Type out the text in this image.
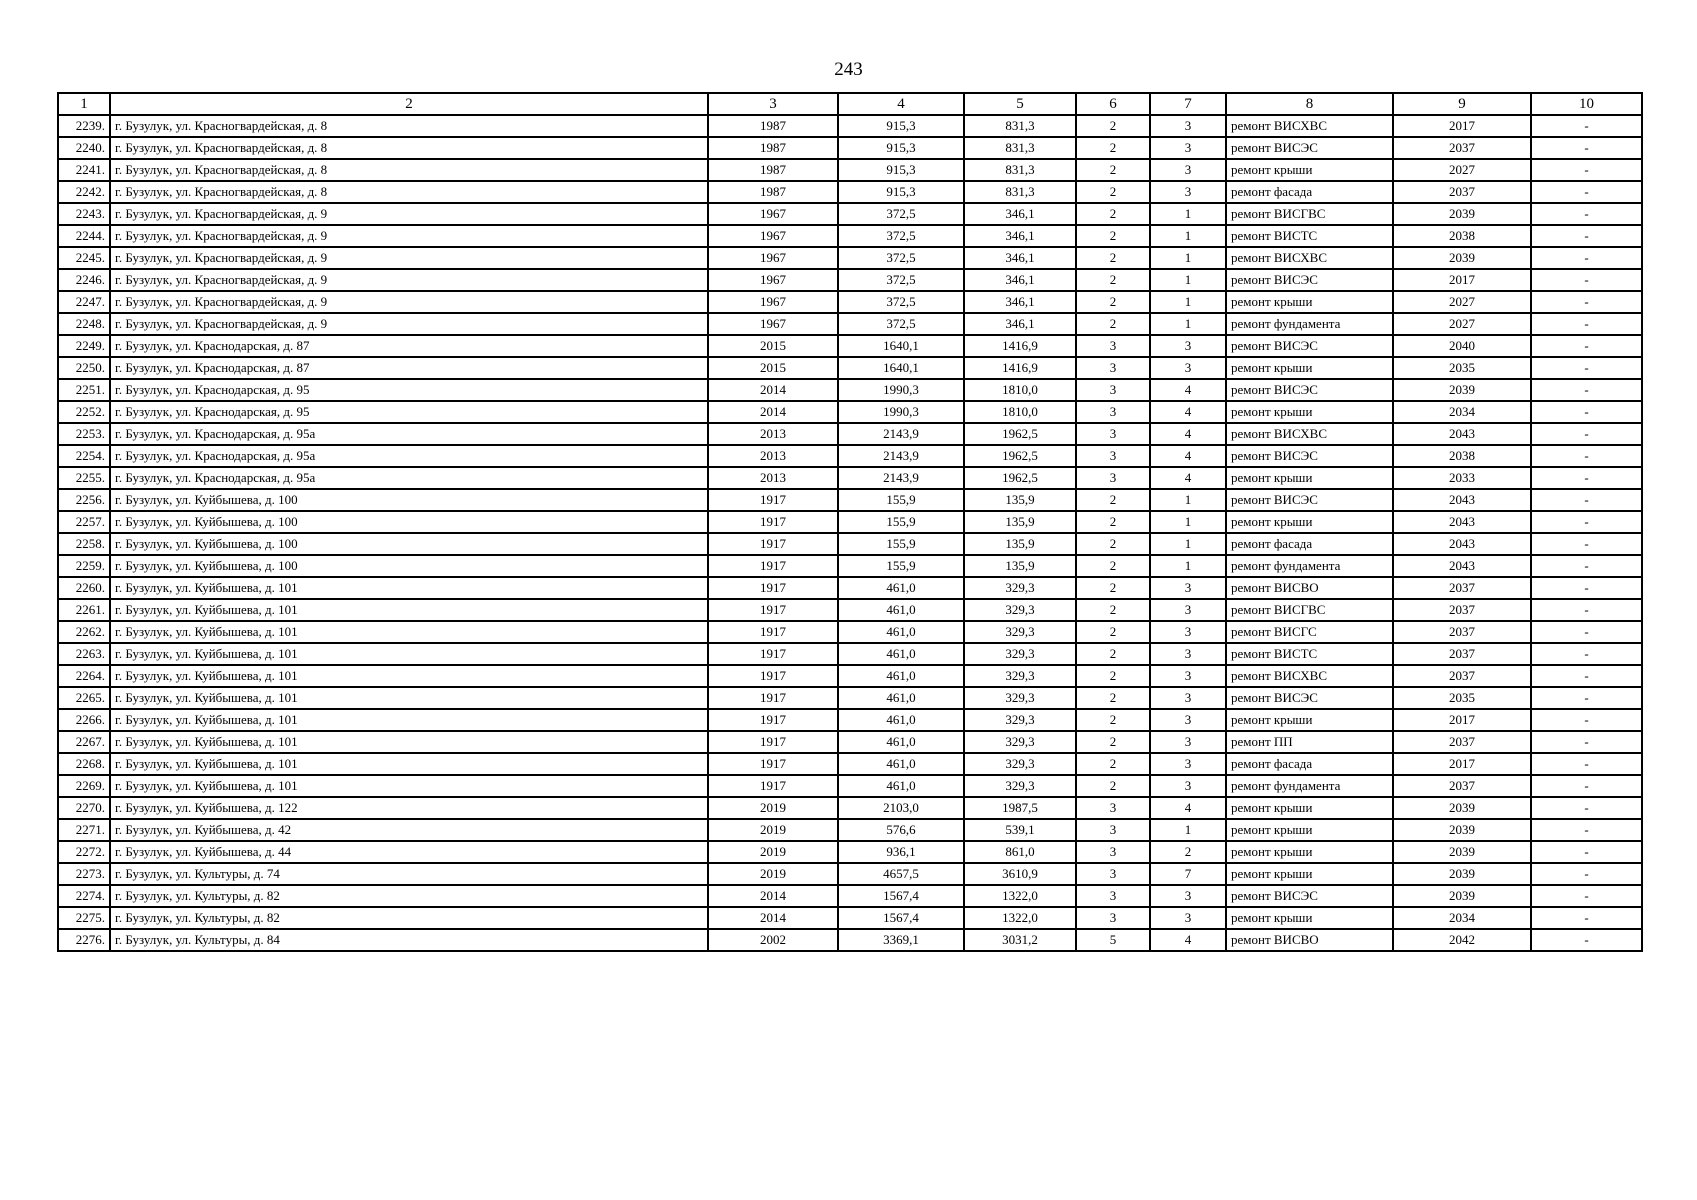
243
1	2	3	4	5	6	7	8	9	10
2239.	г. Бузулук, ул. Красногвардейская, д. 8	1987	915,3	831,3	2	3	ремонт ВИСХВС	2017	-
2240.	г. Бузулук, ул. Красногвардейская, д. 8	1987	915,3	831,3	2	3	ремонт ВИСЭС	2037	-
2241.	г. Бузулук, ул. Красногвардейская, д. 8	1987	915,3	831,3	2	3	ремонт крыши	2027	-
2242.	г. Бузулук, ул. Красногвардейская, д. 8	1987	915,3	831,3	2	3	ремонт фасада	2037	-
2243.	г. Бузулук, ул. Красногвардейская, д. 9	1967	372,5	346,1	2	1	ремонт ВИСГВС	2039	-
2244.	г. Бузулук, ул. Красногвардейская, д. 9	1967	372,5	346,1	2	1	ремонт ВИСТС	2038	-
2245.	г. Бузулук, ул. Красногвардейская, д. 9	1967	372,5	346,1	2	1	ремонт ВИСХВС	2039	-
2246.	г. Бузулук, ул. Красногвардейская, д. 9	1967	372,5	346,1	2	1	ремонт ВИСЭС	2017	-
2247.	г. Бузулук, ул. Красногвардейская, д. 9	1967	372,5	346,1	2	1	ремонт крыши	2027	-
2248.	г. Бузулук, ул. Красногвардейская, д. 9	1967	372,5	346,1	2	1	ремонт фундамента	2027	-
2249.	г. Бузулук, ул. Краснодарская, д. 87	2015	1640,1	1416,9	3	3	ремонт ВИСЭС	2040	-
2250.	г. Бузулук, ул. Краснодарская, д. 87	2015	1640,1	1416,9	3	3	ремонт крыши	2035	-
2251.	г. Бузулук, ул. Краснодарская, д. 95	2014	1990,3	1810,0	3	4	ремонт ВИСЭС	2039	-
2252.	г. Бузулук, ул. Краснодарская, д. 95	2014	1990,3	1810,0	3	4	ремонт крыши	2034	-
2253.	г. Бузулук, ул. Краснодарская, д. 95а	2013	2143,9	1962,5	3	4	ремонт ВИСХВС	2043	-
2254.	г. Бузулук, ул. Краснодарская, д. 95а	2013	2143,9	1962,5	3	4	ремонт ВИСЭС	2038	-
2255.	г. Бузулук, ул. Краснодарская, д. 95а	2013	2143,9	1962,5	3	4	ремонт крыши	2033	-
2256.	г. Бузулук, ул. Куйбышева, д. 100	1917	155,9	135,9	2	1	ремонт ВИСЭС	2043	-
2257.	г. Бузулук, ул. Куйбышева, д. 100	1917	155,9	135,9	2	1	ремонт крыши	2043	-
2258.	г. Бузулук, ул. Куйбышева, д. 100	1917	155,9	135,9	2	1	ремонт фасада	2043	-
2259.	г. Бузулук, ул. Куйбышева, д. 100	1917	155,9	135,9	2	1	ремонт фундамента	2043	-
2260.	г. Бузулук, ул. Куйбышева, д. 101	1917	461,0	329,3	2	3	ремонт ВИСВО	2037	-
2261.	г. Бузулук, ул. Куйбышева, д. 101	1917	461,0	329,3	2	3	ремонт ВИСГВС	2037	-
2262.	г. Бузулук, ул. Куйбышева, д. 101	1917	461,0	329,3	2	3	ремонт ВИСГС	2037	-
2263.	г. Бузулук, ул. Куйбышева, д. 101	1917	461,0	329,3	2	3	ремонт ВИСТС	2037	-
2264.	г. Бузулук, ул. Куйбышева, д. 101	1917	461,0	329,3	2	3	ремонт ВИСХВС	2037	-
2265.	г. Бузулук, ул. Куйбышева, д. 101	1917	461,0	329,3	2	3	ремонт ВИСЭС	2035	-
2266.	г. Бузулук, ул. Куйбышева, д. 101	1917	461,0	329,3	2	3	ремонт крыши	2017	-
2267.	г. Бузулук, ул. Куйбышева, д. 101	1917	461,0	329,3	2	3	ремонт ПП	2037	-
2268.	г. Бузулук, ул. Куйбышева, д. 101	1917	461,0	329,3	2	3	ремонт фасада	2017	-
2269.	г. Бузулук, ул. Куйбышева, д. 101	1917	461,0	329,3	2	3	ремонт фундамента	2037	-
2270.	г. Бузулук, ул. Куйбышева, д. 122	2019	2103,0	1987,5	3	4	ремонт крыши	2039	-
2271.	г. Бузулук, ул. Куйбышева, д. 42	2019	576,6	539,1	3	1	ремонт крыши	2039	-
2272.	г. Бузулук, ул. Куйбышева, д. 44	2019	936,1	861,0	3	2	ремонт крыши	2039	-
2273.	г. Бузулук, ул. Культуры, д. 74	2019	4657,5	3610,9	3	7	ремонт крыши	2039	-
2274.	г. Бузулук, ул. Культуры, д. 82	2014	1567,4	1322,0	3	3	ремонт ВИСЭС	2039	-
2275.	г. Бузулук, ул. Культуры, д. 82	2014	1567,4	1322,0	3	3	ремонт крыши	2034	-
2276.	г. Бузулук, ул. Культуры, д. 84	2002	3369,1	3031,2	5	4	ремонт ВИСВО	2042	-
